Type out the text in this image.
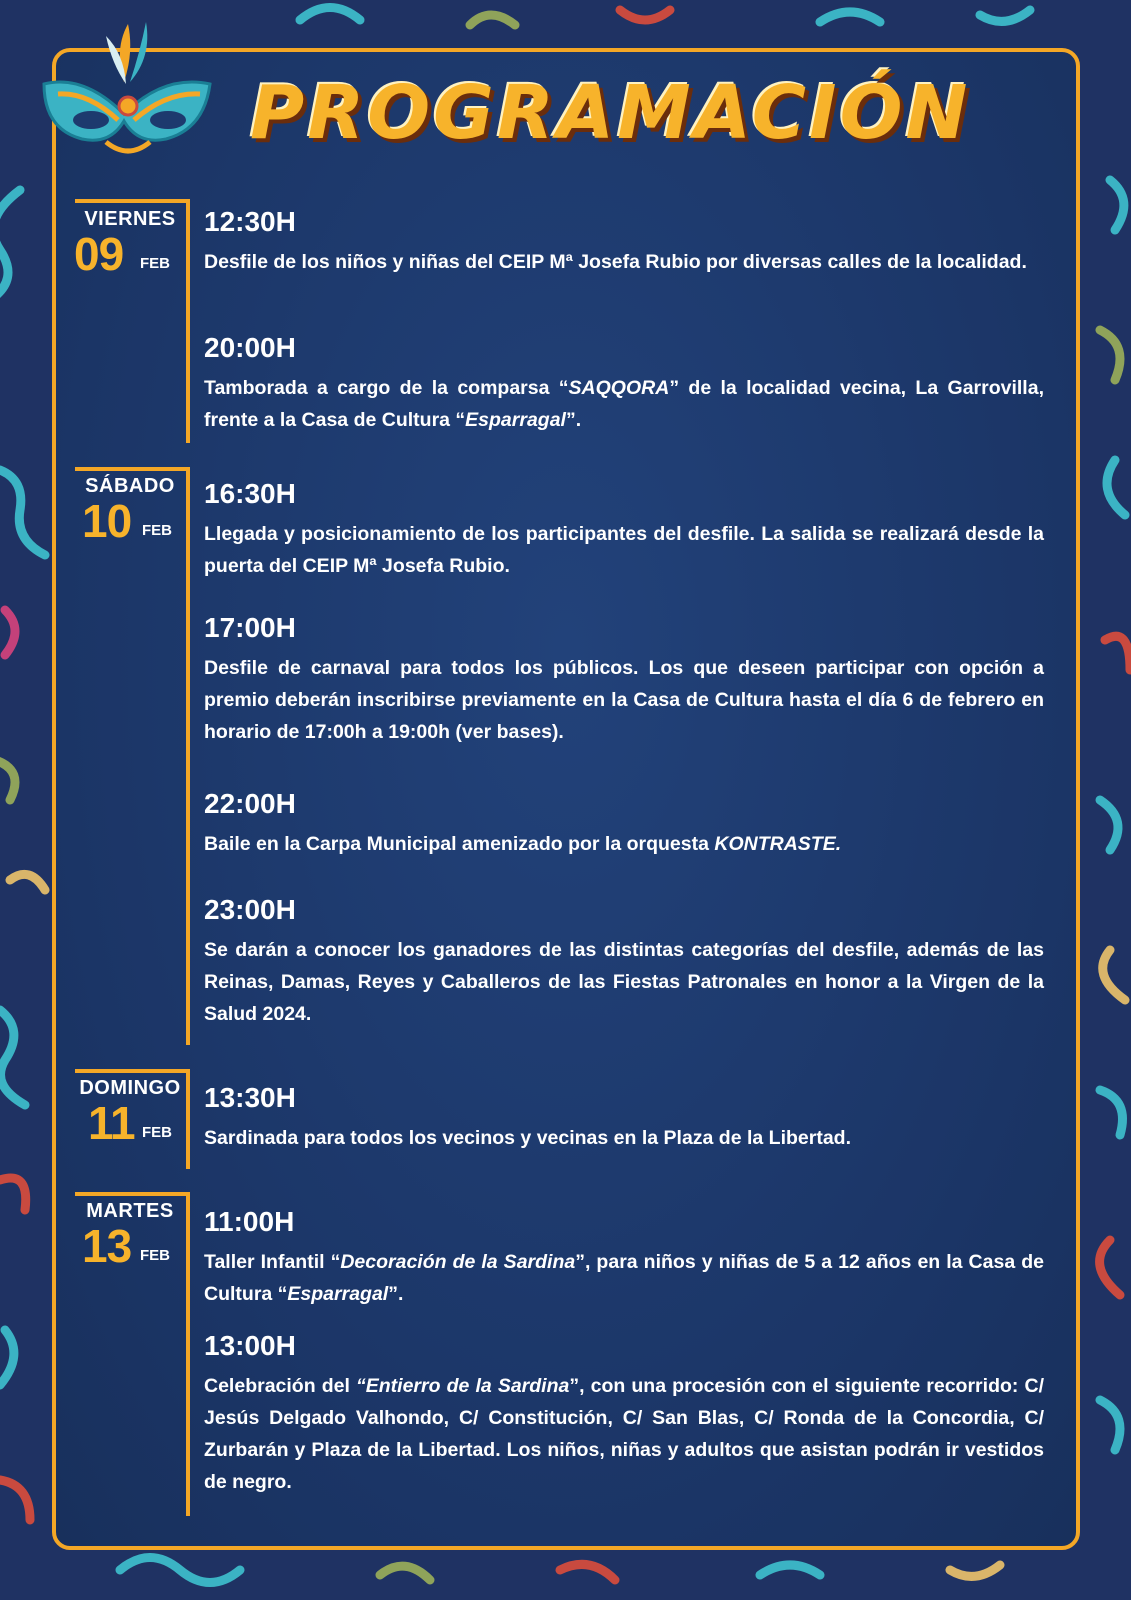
PROGRAMACIÓN
VIERNES
09 FEB
12:30H

Desfile de los niños y niñas del CEIP Mª Josefa Rubio por diversas calles de la localidad.

20:00H

Tamborada a cargo de la comparsa “SAQQORA” de la localidad vecina, La Garrovilla, frente a la Casa de Cultura “Esparragal”.

SÁBADO
10 FEB
16:30H

Llegada y posicionamiento de los participantes del desfile. La salida se realizará desde la puerta del CEIP Mª Josefa Rubio.

17:00H

Desfile de carnaval para todos los públicos. Los que deseen participar con opción a premio deberán inscribirse previamente en la Casa de Cultura hasta el día 6 de febrero en horario de 17:00h a 19:00h (ver bases).

22:00H

Baile en la Carpa Municipal amenizado por la orquesta KONTRASTE.

23:00H

Se darán a conocer los ganadores de las distintas categorías del desfile, además de las Reinas, Damas, Reyes y Caballeros de las Fiestas Patronales en honor a la Virgen de la Salud 2024.

DOMINGO
11 FEB
13:30H

Sardinada para todos los vecinos y vecinas en la Plaza de la Libertad.

MARTES
13 FEB
11:00H

Taller Infantil “Decoración de la Sardina”, para niños y niñas de 5 a 12 años en la Casa de Cultura “Esparragal”.

13:00H

Celebración del “Entierro de la Sardina”, con una procesión con el siguiente recorrido: C/ Jesús Delgado Valhondo, C/ Constitución, C/ San Blas, C/ Ronda de la Concordia, C/ Zurbarán y Plaza de la Libertad. Los niños, niñas y adultos que asistan podrán ir vestidos de negro.
